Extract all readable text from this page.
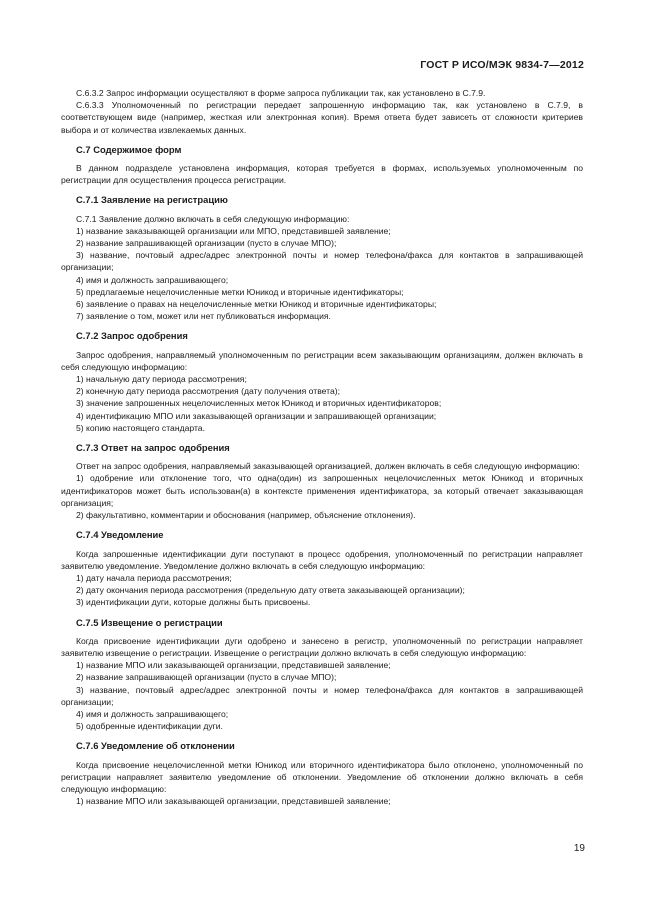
ГОСТ Р ИСО/МЭК 9834-7—2012

С.6.3.2 Запрос информации осуществляют в форме запроса публикации так, как установлено в С.7.9.

С.6.3.3 Уполномоченный по регистрации передает запрошенную информацию так, как установлено в С.7.9, в соответствующем виде (например, жесткая или электронная копия). Время ответа будет зависеть от сложности критериев выбора и от количества извлекаемых данных.

С.7 Содержимое форм

В данном подразделе установлена информация, которая требуется в формах, используемых уполномоченным по регистрации для осуществления процесса регистрации.

С.7.1 Заявление на регистрацию

С.7.1 Заявление должно включать в себя следующую информацию:

1) название заказывающей организации или МПО, представившей заявление;

2) название запрашивающей организации (пусто в случае МПО);

3) название, почтовый адрес/адрес электронной почты и номер телефона/факса для контактов в запрашивающей организации;

4) имя и должность запрашивающего;

5) предлагаемые нецелочисленные метки Юникод и вторичные идентификаторы;

6) заявление о правах на нецелочисленные метки Юникод и вторичные идентификаторы;

7) заявление о том, может или нет публиковаться информация.

С.7.2 Запрос одобрения

Запрос одобрения, направляемый уполномоченным по регистрации всем заказывающим организациям, должен включать в себя следующую информацию:

1) начальную дату периода рассмотрения;

2) конечную дату периода рассмотрения (дату получения ответа);

3) значение запрошенных нецелочисленных меток Юникод и вторичных идентификаторов;

4) идентификацию МПО или заказывающей организации и запрашивающей организации;

5) копию настоящего стандарта.

С.7.3 Ответ на запрос одобрения

Ответ на запрос одобрения, направляемый заказывающей организацией, должен включать в себя следующую информацию:

1) одобрение или отклонение того, что одна(один) из запрошенных нецелочисленных меток Юникод и вторичных идентификаторов может быть использован(а) в контексте применения идентификатора, за который отвечает заказывающая организация;

2) факультативно, комментарии и обоснования (например, объяснение отклонения).

С.7.4 Уведомление

Когда запрошенные идентификации дуги поступают в процесс одобрения, уполномоченный по регистрации направляет заявителю уведомление. Уведомление должно включать в себя следующую информацию:

1) дату начала периода рассмотрения;

2) дату окончания периода рассмотрения (предельную дату ответа заказывающей организации);

3) идентификации дуги, которые должны быть присвоены.

С.7.5 Извещение о регистрации

Когда присвоение идентификации дуги одобрено и занесено в регистр, уполномоченный по регистрации направляет заявителю извещение о регистрации. Извещение о регистрации должно включать в себя следующую информацию:

1) название МПО или заказывающей организации, представившей заявление;

2) название запрашивающей организации (пусто в случае МПО);

3) название, почтовый адрес/адрес электронной почты и номер телефона/факса для контактов в запрашивающей организации;

4) имя и должность запрашивающего;

5) одобренные идентификации дуги.

С.7.6 Уведомление об отклонении

Когда присвоение нецелочисленной метки Юникод или вторичного идентификатора было отклонено, уполномоченный по регистрации направляет заявителю уведомление об отклонении. Уведомление об отклонении должно включать в себя следующую информацию:

1) название МПО или заказывающей организации, представившей заявление;

19
